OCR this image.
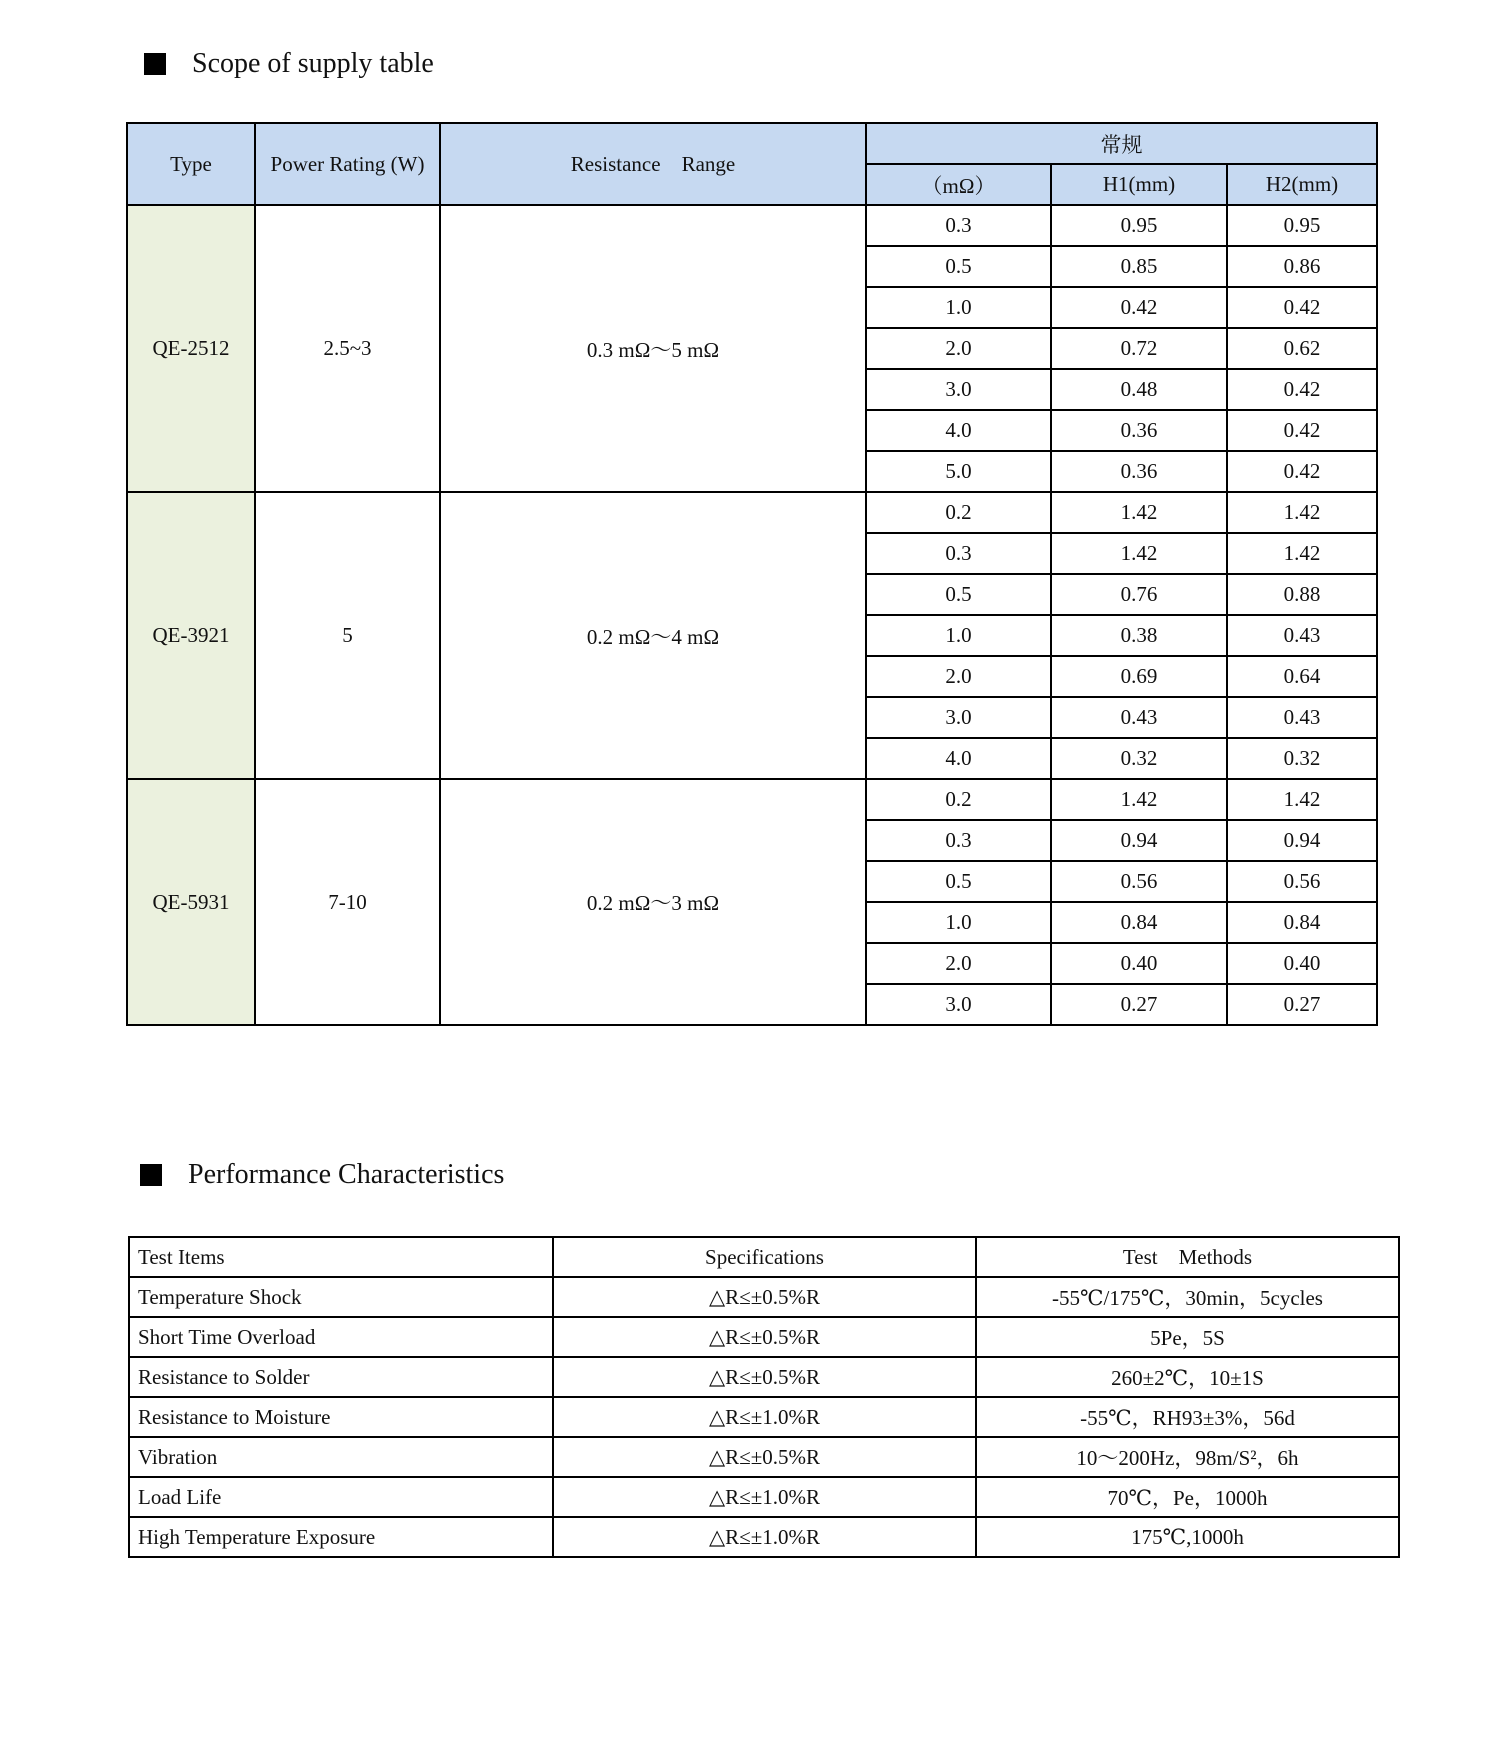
Scope of supply table
Type	Power Rating (W)	Resistance    Range	常规		
			（mΩ）	H1(mm)	H2(mm)
QE-2512	2.5~3	0.3 mΩ～5 mΩ	0.3	0.95	0.95
			0.5	0.85	0.86
			1.0	0.42	0.42
			2.0	0.72	0.62
			3.0	0.48	0.42
			4.0	0.36	0.42
			5.0	0.36	0.42
QE-3921	5	0.2 mΩ～4 mΩ	0.2	1.42	1.42
			0.3	1.42	1.42
			0.5	0.76	0.88
			1.0	0.38	0.43
			2.0	0.69	0.64
			3.0	0.43	0.43
			4.0	0.32	0.32
QE-5931	7-10	0.2 mΩ～3 mΩ	0.2	1.42	1.42
			0.3	0.94	0.94
			0.5	0.56	0.56
			1.0	0.84	0.84
			2.0	0.40	0.40
			3.0	0.27	0.27
Performance Characteristics
Test Items	Specifications	Test    Methods
Temperature Shock	△R≤±0.5%R	-55℃/175℃，30min，5cycles
Short Time Overload	△R≤±0.5%R	5Pe，5S
Resistance to Solder	△R≤±0.5%R	260±2℃，10±1S
Resistance to Moisture	△R≤±1.0%R	-55℃，RH93±3%，56d
Vibration	△R≤±0.5%R	10～200Hz，98m/S²，6h
Load Life	△R≤±1.0%R	70℃，Pe，1000h
High Temperature Exposure	△R≤±1.0%R	175℃,1000h
